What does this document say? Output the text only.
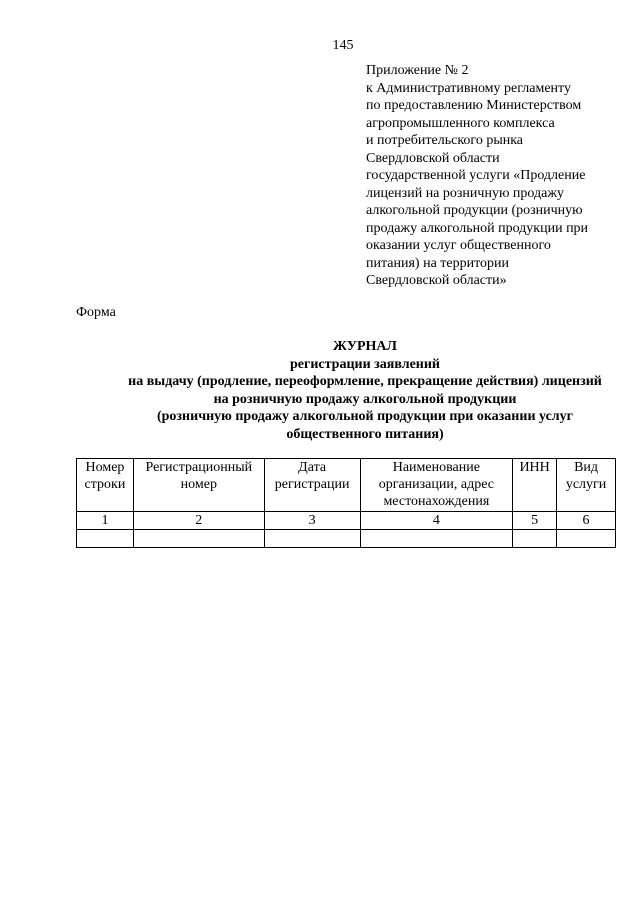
145
Приложение № 2
к Административному регламенту
по предоставлению Министерством
агропромышленного комплекса
и потребительского рынка
Свердловской области
государственной услуги «Продление
лицензий на розничную продажу
алкогольной продукции (розничную
продажу алкогольной продукции при
оказании услуг общественного
питания) на территории
Свердловской области»
Форма
ЖУРНАЛ
регистрации заявлений
на выдачу (продление, переоформление, прекращение действия) лицензий
на розничную продажу алкогольной продукции
(розничную продажу алкогольной продукции при оказании услуг
общественного питания)
Номер строки	Регистрационный номер	Дата регистрации	Наименование организации, адрес местонахождения	ИНН	Вид услуги
1	2	3	4	5	6
